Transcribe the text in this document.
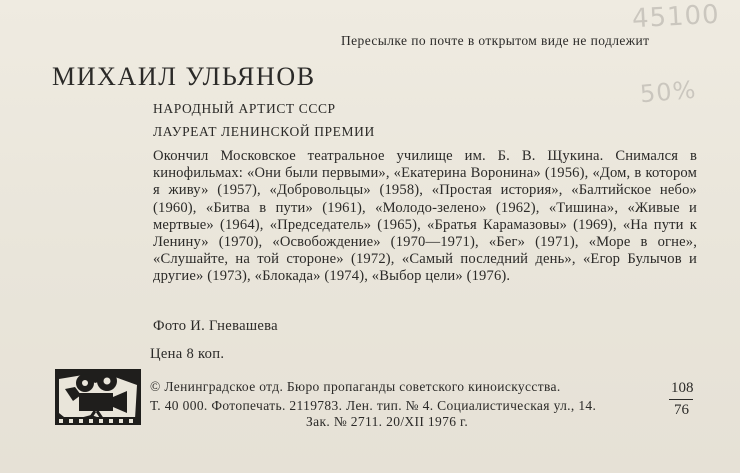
45100
50%
Пересылке по почте в открытом виде не подлежит
МИХАИЛ УЛЬЯНОВ
НАРОДНЫЙ АРТИСТ СССР
ЛАУРЕАТ ЛЕНИНСКОЙ ПРЕМИИ
Окончил Московское театральное училище им. Б. В. Щукина. Снимался в кинофильмах: «Они были первыми», «Екатерина Воронина» (1956), «Дом, в котором я живу» (1957), «Добровольцы» (1958), «Простая история», «Балтийское небо» (1960), «Битва в пути» (1961), «Молодо-зелено» (1962), «Тишина», «Живые и мертвые» (1964), «Председатель» (1965), «Братья Карамазовы» (1969), «На пути к Ленину» (1970), «Освобождение» (1970—1971), «Бег» (1971), «Море в огне», «Слушайте, на той стороне» (1972), «Самый последний день», «Егор Булычов и другие» (1973), «Блокада» (1974), «Выбор цели» (1976).
Фото И. Гневашева
Цена 8 коп.
© Ленинградское отд. Бюро пропаганды советского киноискусства.
Т. 40 000. Фотопечать. 2119783. Лен. тип. № 4. Социалистическая ул., 14.
Зак. № 2711. 20/XII 1976 г.
108
76
